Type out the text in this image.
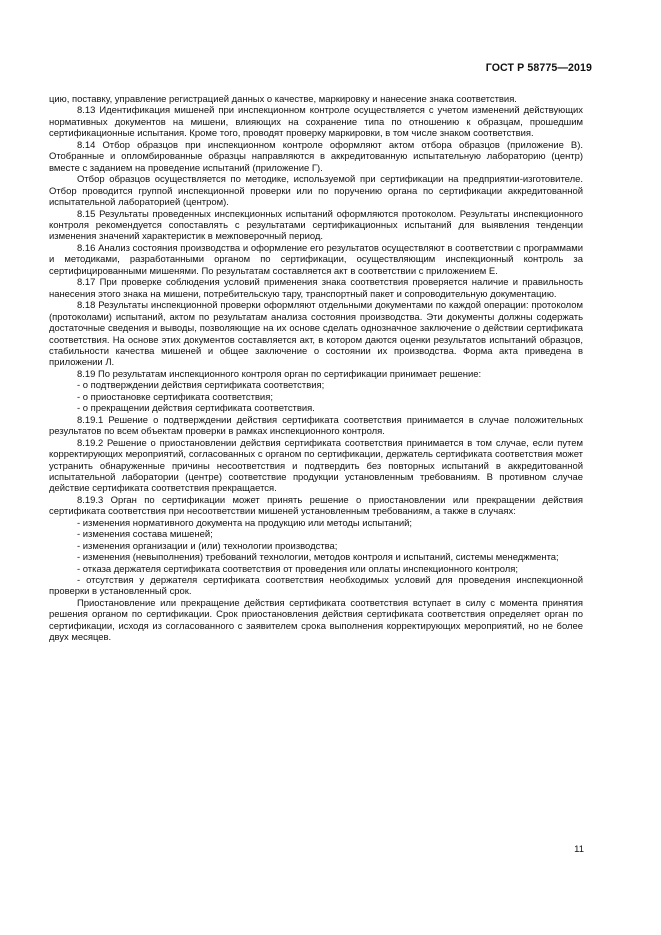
ГОСТ Р 58775—2019

цию, поставку, управление регистрацией данных о качестве, маркировку и нанесение знака соответствия.

8.13 Идентификация мишеней при инспекционном контроле осуществляется с учетом изменений действующих нормативных документов на мишени, влияющих на сохранение типа по отношению к образцам, прошедшим сертификационные испытания. Кроме того, проводят проверку маркировки, в том числе знаком соответствия.

8.14 Отбор образцов при инспекционном контроле оформляют актом отбора образцов (приложение В). Отобранные и опломбированные образцы направляются в аккредитованную испытательную лабораторию (центр) вместе с заданием на проведение испытаний (приложение Г).

Отбор образцов осуществляется по методике, используемой при сертификации на предприятии-изготовителе. Отбор проводится группой инспекционной проверки или по поручению органа по сертификации аккредитованной испытательной лабораторией (центром).

8.15 Результаты проведенных инспекционных испытаний оформляются протоколом. Результаты инспекционного контроля рекомендуется сопоставлять с результатами сертификационных испытаний для выявления тенденции изменения значений характеристик в межповерочный период.

8.16 Анализ состояния производства и оформление его результатов осуществляют в соответствии с программами и методиками, разработанными органом по сертификации, осуществляющим инспекционный контроль за сертифицированными мишенями. По результатам составляется акт в соответствии с приложением Е.

8.17 При проверке соблюдения условий применения знака соответствия проверяется наличие и правильность нанесения этого знака на мишени, потребительскую тару, транспортный пакет и сопроводительную документацию.

8.18 Результаты инспекционной проверки оформляют отдельными документами по каждой операции: протоколом (протоколами) испытаний, актом по результатам анализа состояния производства. Эти документы должны содержать достаточные сведения и выводы, позволяющие на их основе сделать однозначное заключение о действии сертификата соответствия. На основе этих документов составляется акт, в котором даются оценки результатов испытаний образцов, стабильности качества мишеней и общее заключение о состоянии их производства. Форма акта приведена в приложении Л.

8.19 По результатам инспекционного контроля орган по сертификации принимает решение:

- о подтверждении действия сертификата соответствия;

- о приостановке сертификата соответствия;

- о прекращении действия сертификата соответствия.

8.19.1 Решение о подтверждении действия сертификата соответствия принимается в случае положительных результатов по всем объектам проверки в рамках инспекционного контроля.

8.19.2 Решение о приостановлении действия сертификата соответствия принимается в том случае, если путем корректирующих мероприятий, согласованных с органом по сертификации, держатель сертификата соответствия может устранить обнаруженные причины несоответствия и подтвердить без повторных испытаний в аккредитованной испытательной лаборатории (центре) соответствие продукции установленным требованиям. В противном случае действие сертификата соответствия прекращается.

8.19.3 Орган по сертификации может принять решение о приостановлении или прекращении действия сертификата соответствия при несоответствии мишеней установленным требованиям, а также в случаях:

- изменения нормативного документа на продукцию или методы испытаний;

- изменения состава мишеней;

- изменения организации и (или) технологии производства;

- изменения (невыполнения) требований технологии, методов контроля и испытаний, системы менеджмента;

- отказа держателя сертификата соответствия от проведения или оплаты инспекционного контроля;

- отсутствия у держателя сертификата соответствия необходимых условий для проведения инспекционной проверки в установленный срок.

Приостановление или прекращение действия сертификата соответствия вступает в силу с момента принятия решения органом по сертификации. Срок приостановления действия сертификата соответствия определяет орган по сертификации, исходя из согласованного с заявителем срока выполнения корректирующих мероприятий, но не более двух месяцев.

11
